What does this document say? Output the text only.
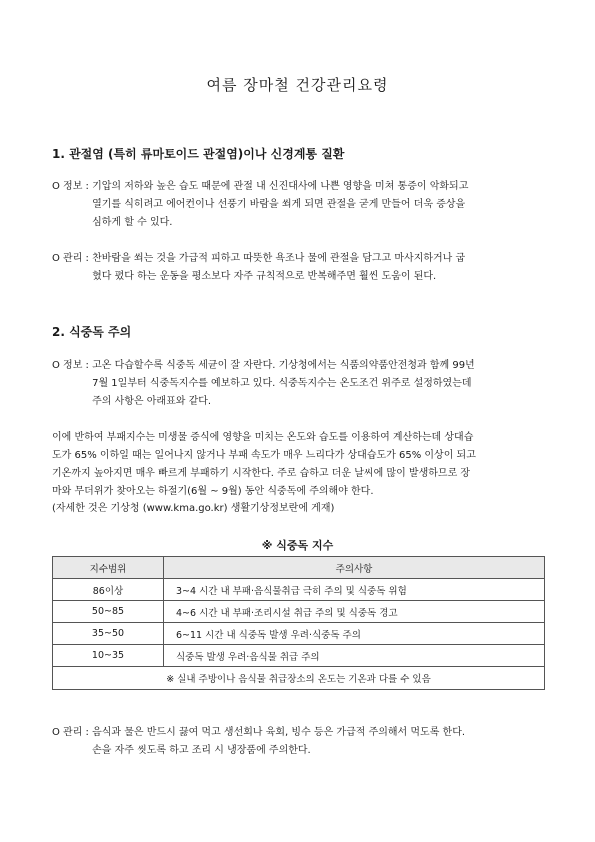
여름 장마철 건강관리요령
1. 관절염 (특히 류마토이드 관절염)이나 신경계통 질환
O 정보 : 기압의 저하와 높은 습도 때문에 관절 내 신진대사에 나쁜 영향을 미쳐 통증이 악화되고
열기를 식히려고 에어컨이나 선풍기 바람을 쐬게 되면 관절을 굳게 만들어 더욱 증상을
심하게 할 수 있다.
O 관리 : 찬바람을 쐬는 것을 가급적 피하고 따뜻한 욕조나 물에 관절을 담그고 마사지하거나 굽
혔다 폈다 하는 운동을 평소보다 자주 규칙적으로 반복해주면 훨씬 도움이 된다.
2. 식중독 주의
O 정보 : 고온 다습할수록 식중독 세균이 잘 자란다. 기상청에서는 식품의약품안전청과 함께 99년
7월 1일부터 식중독지수를 예보하고 있다. 식중독지수는 온도조건 위주로 설정하였는데
주의 사항은 아래표와 같다.
이에 반하여 부패지수는 미생물 증식에 영향을 미치는 온도와 습도를 이용하여 계산하는데 상대습
도가 65% 이하일 때는 일어나지 않거나 부패 속도가 매우 느리다가 상대습도가 65% 이상이 되고
기온까지 높아지면 매우 빠르게 부패하기 시작한다. 주로 습하고 더운 날씨에 많이 발생하므로 장
마와 무더위가 찾아오는 하절기(6월 ~ 9월) 동안 식중독에 주의해야 한다.
(자세한 것은 기상청 (www.kma.go.kr) 생활기상정보란에 게재)
※ 식중독 지수
지수범위	주의사항
86이상	3~4 시간 내 부패·음식물취급 극히 주의 및 식중독 위험
50~85	4~6 시간 내 부패·조리시설 취급 주의 및 식중독 경고
35~50	6~11 시간 내 식중독 발생 우려·식중독 주의
10~35	식중독 발생 우려·음식물 취급 주의
※ 실내 주방이나 음식물 취급장소의 온도는 기온과 다를 수 있음	
O 관리 : 음식과 물은 반드시 끓여 먹고 생선회나 육회, 빙수 등은 가급적 주의해서 먹도록 한다.
손을 자주 씻도록 하고 조리 시 냉장품에 주의한다.
